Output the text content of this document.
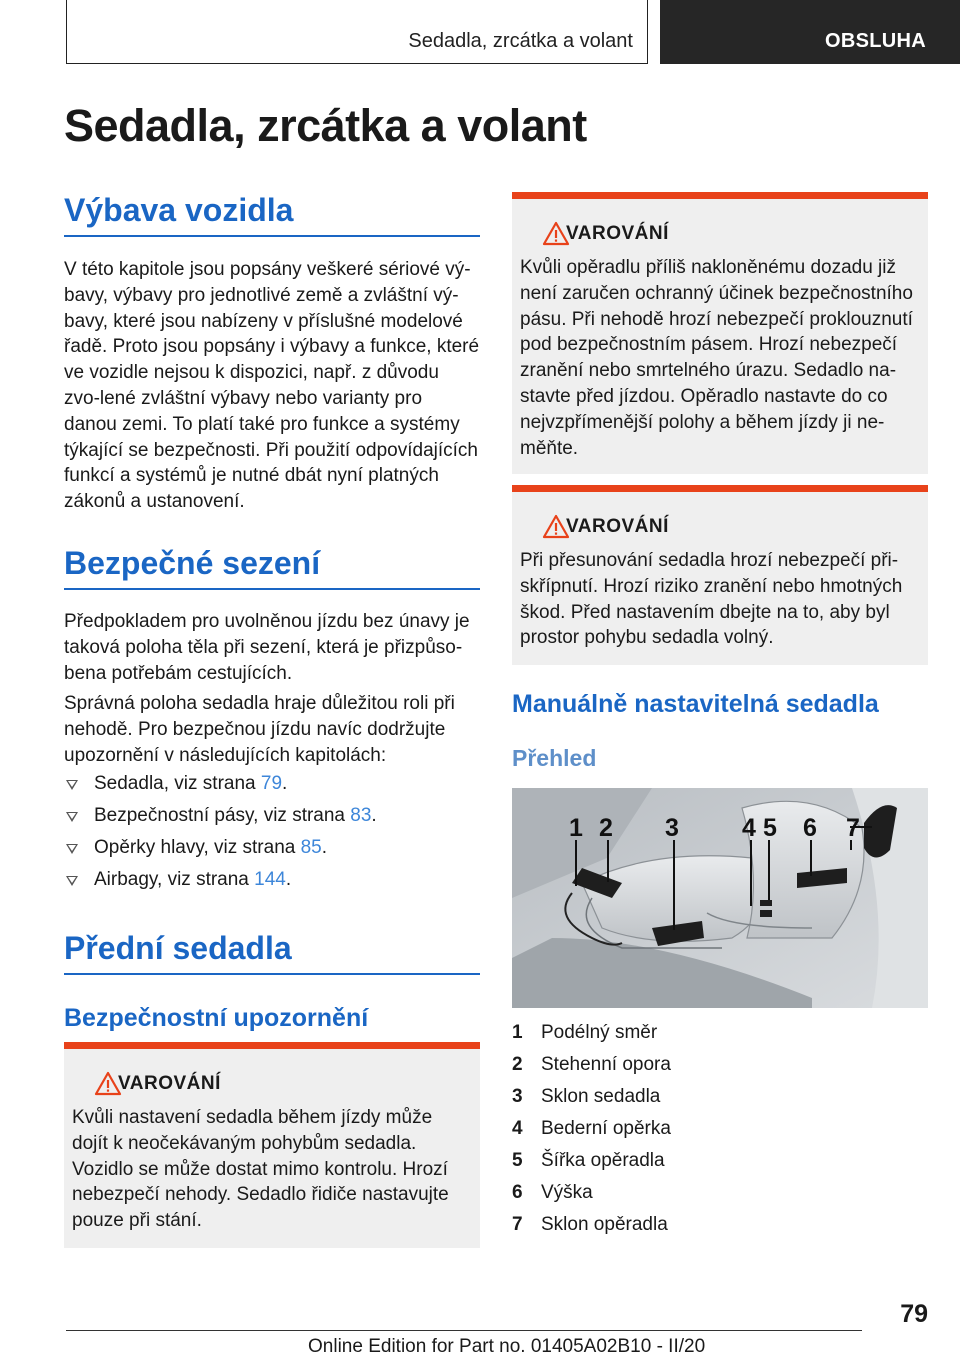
Sedadla, zrcátka a volant	OBSLUHA
Sedadla, zrcátka a volant
Výbava vozidla

V této kapitole jsou popsány veškeré sériové vý-bavy, výbavy pro jednotlivé země a zvláštní vý-bavy, které jsou nabízeny v příslušné modelové řadě. Proto jsou popsány i výbavy a funkce, které ve vozidle nejsou k dispozici, např. z důvodu zvo-lené zvláštní výbavy nebo varianty pro danou zemi. To platí také pro funkce a systémy týkající se bezpečnosti. Při použití odpovídajících funkcí a systémů je nutné dbát nyní platných zákonů a ustanovení.

Bezpečné sezení

Předpokladem pro uvolněnou jízdu bez únavy je taková poloha těla při sezení, která je přizpůso-bena potřebám cestujících.

Správná poloha sedadla hraje důležitou roli při nehodě. Pro bezpečnou jízdu navíc dodržujte upozornění v následujících kapitolách:

Sedadla, viz strana 79.
Bezpečnostní pásy, viz strana 83.
Opěrky hlavy, viz strana 85.
Airbagy, viz strana 144.
Přední sedadla
Bezpečnostní upozornění
VAROVÁNÍ

Kvůli nastavení sedadla během jízdy může dojít k neočekávaným pohybům sedadla. Vozidlo se může dostat mimo kontrolu. Hrozí nebezpečí nehody. Sedadlo řidiče nastavujte pouze při stání.

VAROVÁNÍ

Kvůli opěradlu příliš nakloněnému dozadu již není zaručen ochranný účinek bezpečnostního pásu. Při nehodě hrozí nebezpečí proklouznutí pod bezpečnostním pásem. Hrozí nebezpečí zranění nebo smrtelného úrazu. Sedadlo na-stavte před jízdou. Opěradlo nastavte do co nejvzpřímenější polohy a během jízdy ji ne-měňte.

VAROVÁNÍ

Při přesunování sedadla hrozí nebezpečí při-skřípnutí. Hrozí riziko zranění nebo hmotných škod. Před nastavením dbejte na to, aby byl prostor pohybu sedadla volný.

Manuálně nastavitelná sedadla
Přehled
1 2 3	4 5 6 7
1 Podélný směr
2 Stehenní opora
3 Sklon sedadla
4 Bederní opěrka
5 Šířka opěradla
6 Výška
7 Sklon opěradla
79
Online Edition for Part no. 01405A02B10 - II/20
